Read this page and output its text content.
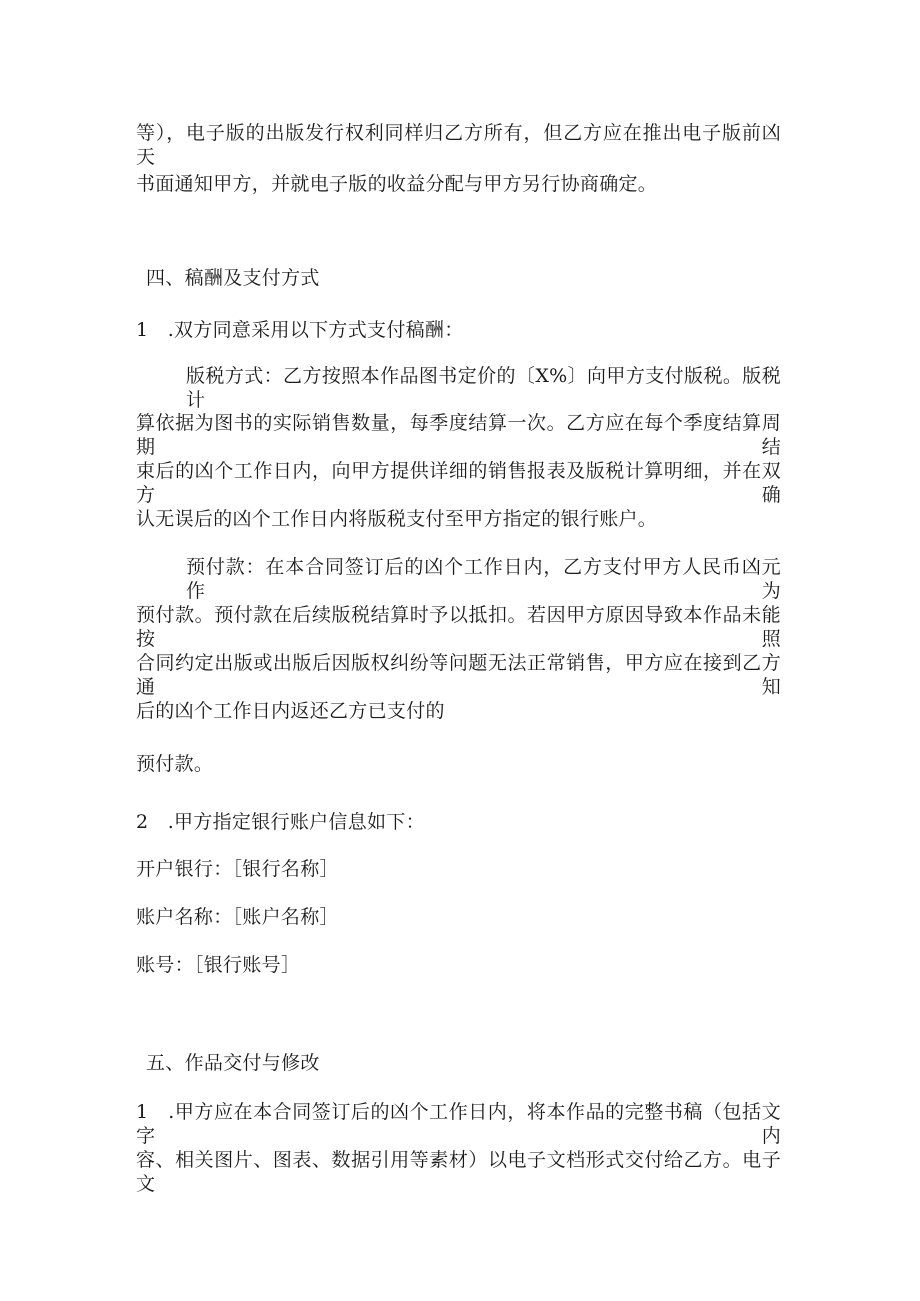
等），电子版的出版发行权利同样归乙方所有，但乙方应在推出电子版前凶天
书面通知甲方，并就电子版的收益分配与甲方另行协商确定。
四、稿酬及支付方式
1　.双方同意采用以下方式支付稿酬：
版税方式：乙方按照本作品图书定价的〔X%〕向甲方支付版税。版税计
算依据为图书的实际销售数量，每季度结算一次。乙方应在每个季度结算周期结
束后的凶个工作日内，向甲方提供详细的销售报表及版税计算明细，并在双方确
认无误后的凶个工作日内将版税支付至甲方指定的银行账户。
预付款：在本合同签订后的凶个工作日内，乙方支付甲方人民币凶元作为
预付款。预付款在后续版税结算时予以抵扣。若因甲方原因导致本作品未能按照
合同约定出版或出版后因版权纠纷等问题无法正常销售，甲方应在接到乙方通知
后的凶个工作日内返还乙方已支付的
预付款。
2　.甲方指定银行账户信息如下：
开户银行：［银行名称］
账户名称：［账户名称］
账号：［银行账号］
五、作品交付与修改
1　.甲方应在本合同签订后的凶个工作日内，将本作品的完整书稿（包括文字内
容、相关图片、图表、数据引用等素材）以电子文档形式交付给乙方。电子文
